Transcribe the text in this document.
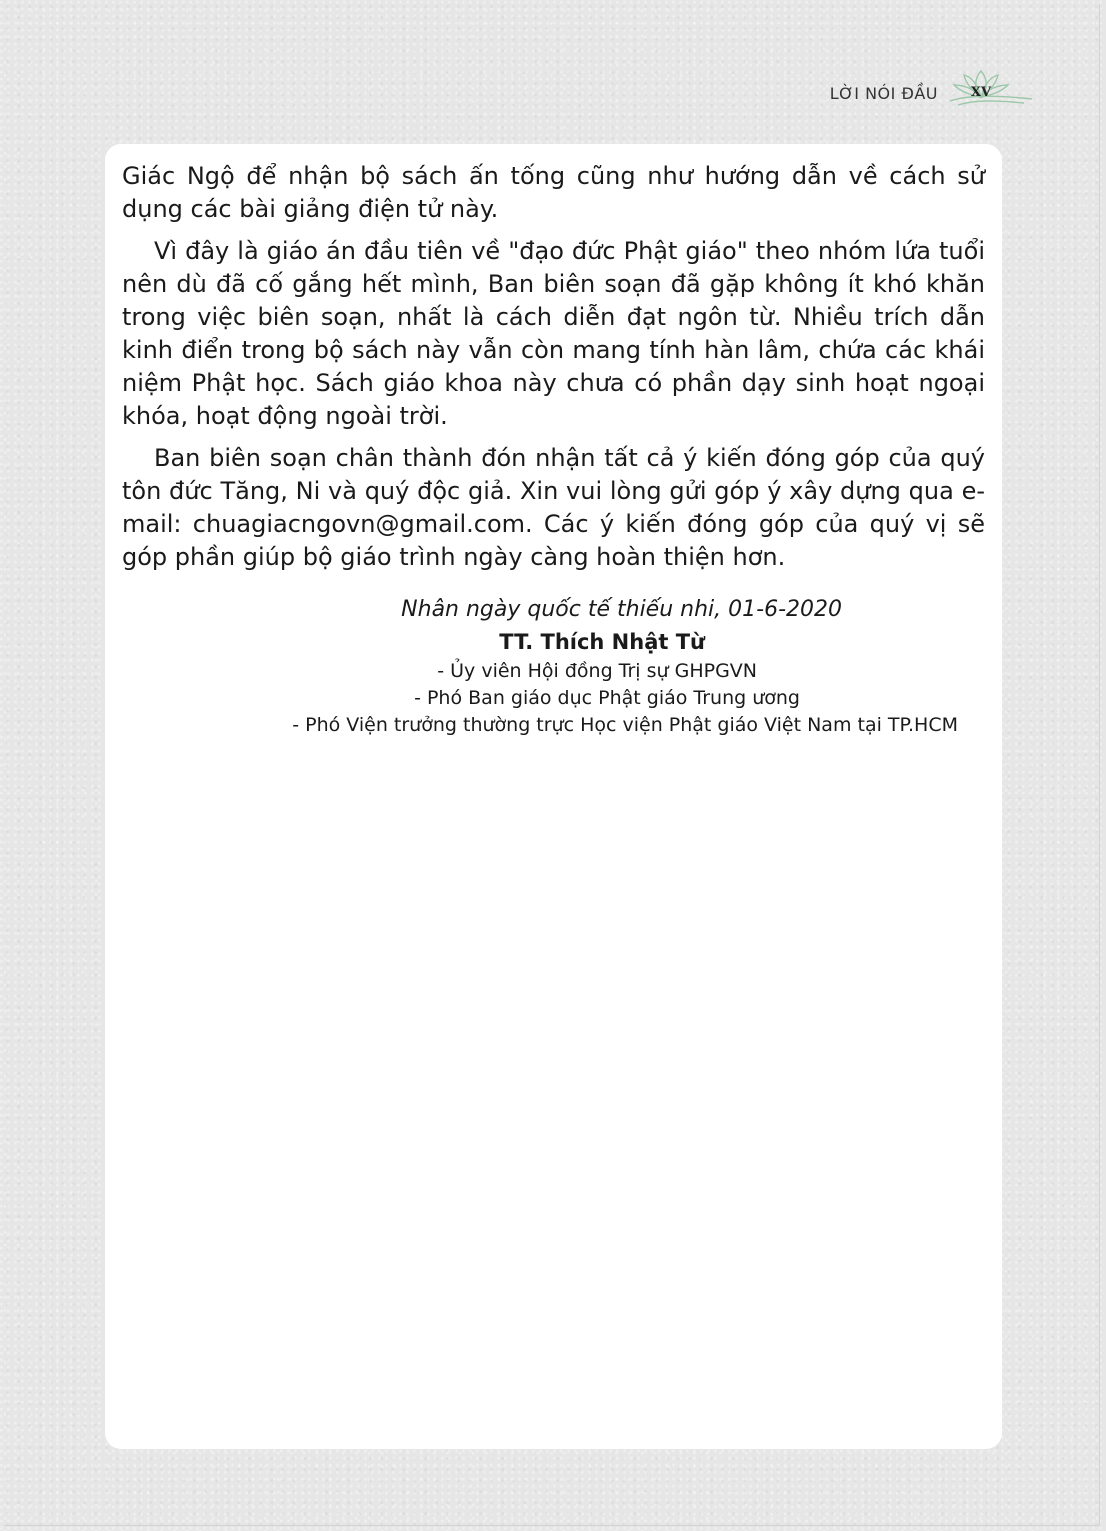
LỜI NÓI ĐẦU	XV

Giác Ngộ để nhận bộ sách ấn tống cũng như hướng dẫn về cách sử dụng các bài giảng điện tử này.

Vì đây là giáo án đầu tiên về "đạo đức Phật giáo" theo nhóm lứa tuổi nên dù đã cố gắng hết mình, Ban biên soạn đã gặp không ít khó khăn trong việc biên soạn, nhất là cách diễn đạt ngôn từ. Nhiều trích dẫn kinh điển trong bộ sách này vẫn còn mang tính hàn lâm, chứa các khái niệm Phật học. Sách giáo khoa này chưa có phần dạy sinh hoạt ngoại khóa, hoạt động ngoài trời.

Ban biên soạn chân thành đón nhận tất cả ý kiến đóng góp của quý tôn đức Tăng, Ni và quý độc giả. Xin vui lòng gửi góp ý xây dựng qua e-mail: chuagiacngovn@gmail.com. Các ý kiến đóng góp của quý vị sẽ góp phần giúp bộ giáo trình ngày càng hoàn thiện hơn.

Nhân ngày quốc tế thiếu nhi, 01-6-2020
TT. Thích Nhật Từ
- Ủy viên Hội đồng Trị sự GHPGVN
- Phó Ban giáo dục Phật giáo Trung ương
- Phó Viện trưởng thường trực Học viện Phật giáo Việt Nam tại TP.HCM
